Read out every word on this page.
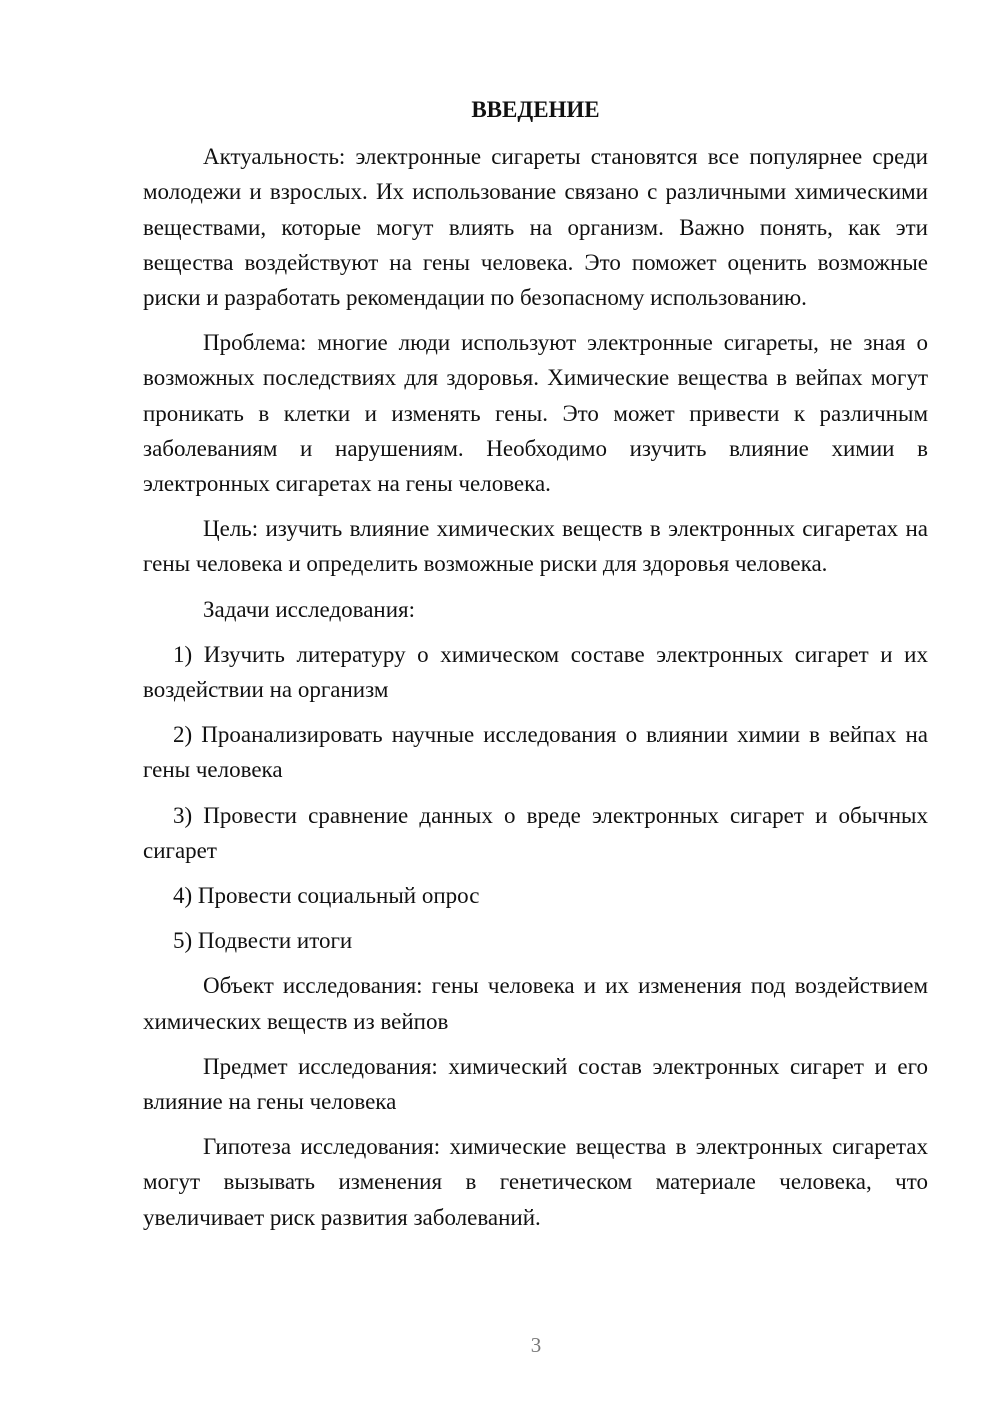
ВВЕДЕНИЕ

Актуальность: электронные сигареты становятся все популярнее среди молодежи и взрослых. Их использование связано с различными химическими веществами, которые могут влиять на организм. Важно понять, как эти вещества воздействуют на гены человека. Это поможет оценить возможные риски и разработать рекомендации по безопасному использованию.

Проблема: многие люди используют электронные сигареты, не зная о возможных последствиях для здоровья. Химические вещества в вейпах могут проникать в клетки и изменять гены. Это может привести к различным заболеваниям и нарушениям. Необходимо изучить влияние химии в электронных сигаретах на гены человека.

Цель: изучить влияние химических веществ в электронных сигаретах на гены человека и определить возможные риски для здоровья человека.

Задачи исследования:

1) Изучить литературу о химическом составе электронных сигарет и их воздействии на организм

2) Проанализировать научные исследования о влиянии химии в вейпах на гены человека

3) Провести сравнение данных о вреде электронных сигарет и обычных сигарет

4) Провести социальный опрос

5) Подвести итоги

Объект исследования: гены человека и их изменения под воздействием химических веществ из вейпов

Предмет исследования: химический состав электронных сигарет и его влияние на гены человека

Гипотеза исследования: химические вещества в электронных сигаретах могут вызывать изменения в генетическом материале человека, что увеличивает риск развития заболеваний.

3
